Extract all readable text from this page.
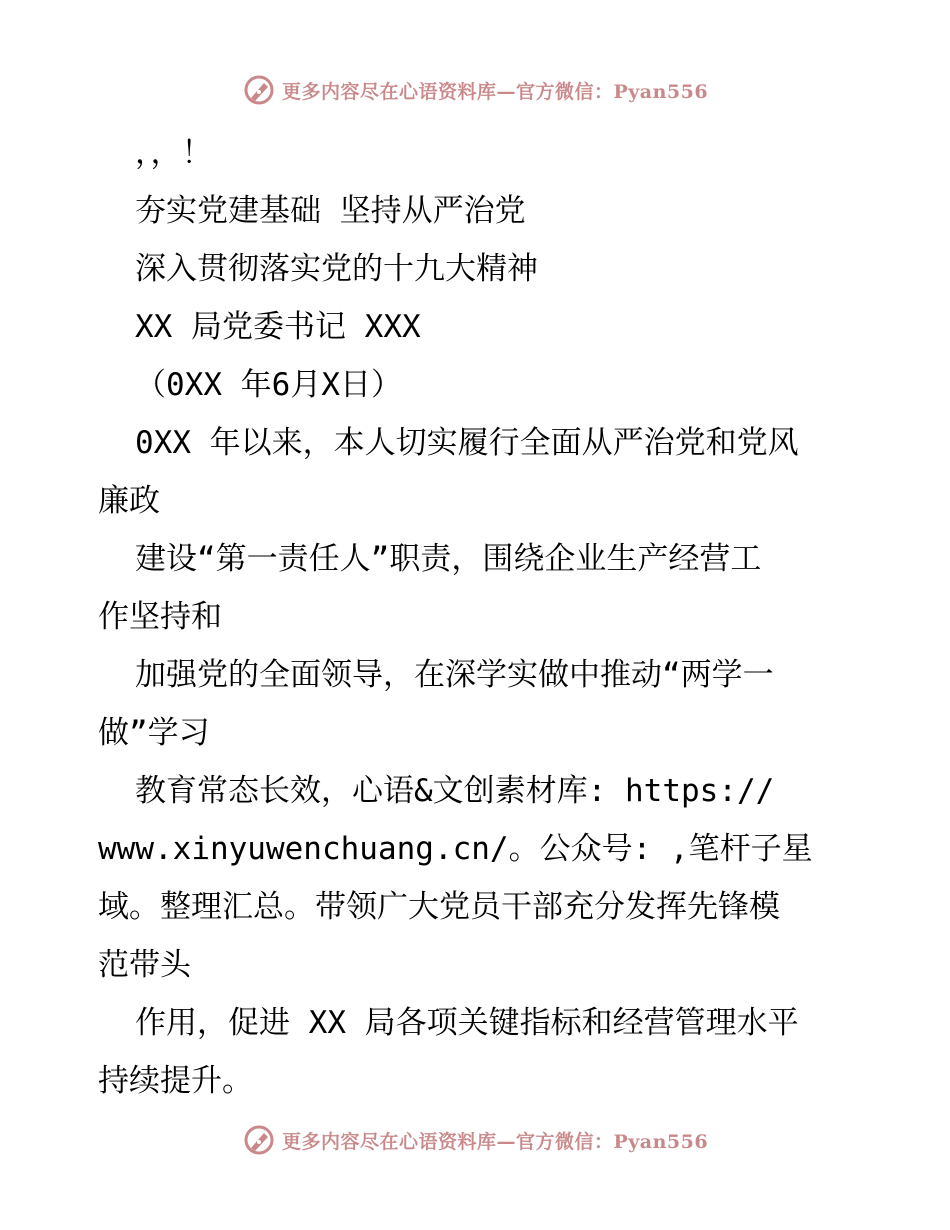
更多内容尽在心语资料库—官方微信：Pyan556
，，！
夯实党建基础 坚持从严治党
深入贯彻落实党的十九大精神
XX 局党委书记 XXX
（0XX 年6月X日）
0XX 年以来，本人切实履行全面从严治党和党风
廉政
建设“第一责任人”职责，围绕企业生产经营工
作坚持和
加强党的全面领导，在深学实做中推动“两学一
做”学习
教育常态长效，心语&文创素材库: https://
www.xinyuwenchuang.cn/。公众号: ,笔杆子星
域。整理汇总。带领广大党员干部充分发挥先锋模
范带头
作用，促进 XX 局各项关键指标和经营管理水平
持续提升。
更多内容尽在心语资料库—官方微信：Pyan556
